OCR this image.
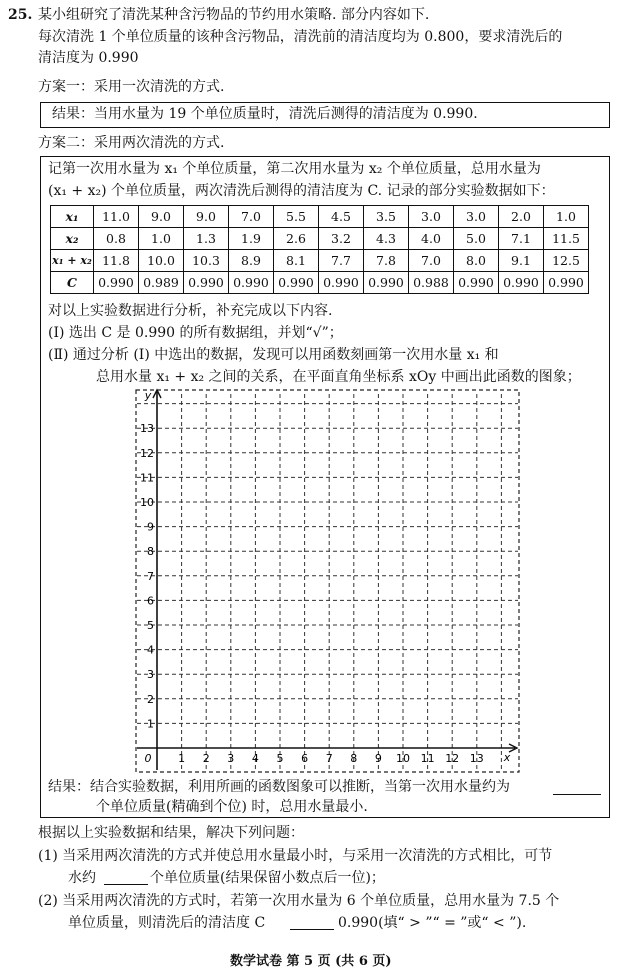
25. 某小组研究了清洗某种含污物品的节约用水策略. 部分内容如下.
每次清洗 1 个单位质量的该种含污物品，清洗前的清洁度均为 0.800，要求清洗后的
清洁度为 0.990
方案一：采用一次清洗的方式.
结果：当用水量为 19 个单位质量时，清洗后测得的清洁度为 0.990.
方案二：采用两次清洗的方式.
记第一次用水量为 x₁ 个单位质量，第二次用水量为 x₂ 个单位质量，总用水量为
(x₁ + x₂) 个单位质量，两次清洗后测得的清洁度为 C. 记录的部分实验数据如下：
x₁	11.0	9.0	9.0	7.0	5.5	4.5	3.5	3.0	3.0	2.0	1.0
x₂	0.8	1.0	1.3	1.9	2.6	3.2	4.3	4.0	5.0	7.1	11.5
x₁ + x₂	11.8	10.0	10.3	8.9	8.1	7.7	7.8	7.0	8.0	9.1	12.5
C	0.990	0.989	0.990	0.990	0.990	0.990	0.990	0.988	0.990	0.990	0.990
对以上实验数据进行分析，补充完成以下内容.
(Ⅰ) 选出 C 是 0.990 的所有数据组，并划“√”；
(Ⅱ) 通过分析 (Ⅰ) 中选出的数据，发现可以用函数刻画第一次用水量 x₁ 和
总用水量 x₁ + x₂ 之间的关系，在平面直角坐标系 xOy 中画出此函数的图象；
y
x
0
1
2
3
4
5
6
7
8
9
10
11
12
13
1 2 3 4 5 6 7 8 9 10 11 12 13
结果：结合实验数据，利用所画的函数图象可以推断，当第一次用水量约为
个单位质量(精确到个位) 时，总用水量最小.
根据以上实验数据和结果，解决下列问题：
(1) 当采用两次清洗的方式并使总用水量最小时，与采用一次清洗的方式相比，可节
水约	个单位质量(结果保留小数点后一位)；
(2) 当采用两次清洗的方式时，若第一次用水量为 6 个单位质量，总用水量为 7.5 个
单位质量，则清洗后的清洁度 C	0.990(填“ > ”“ = ”或“ < ”).
数学试卷 第 5 页 (共 6 页)
